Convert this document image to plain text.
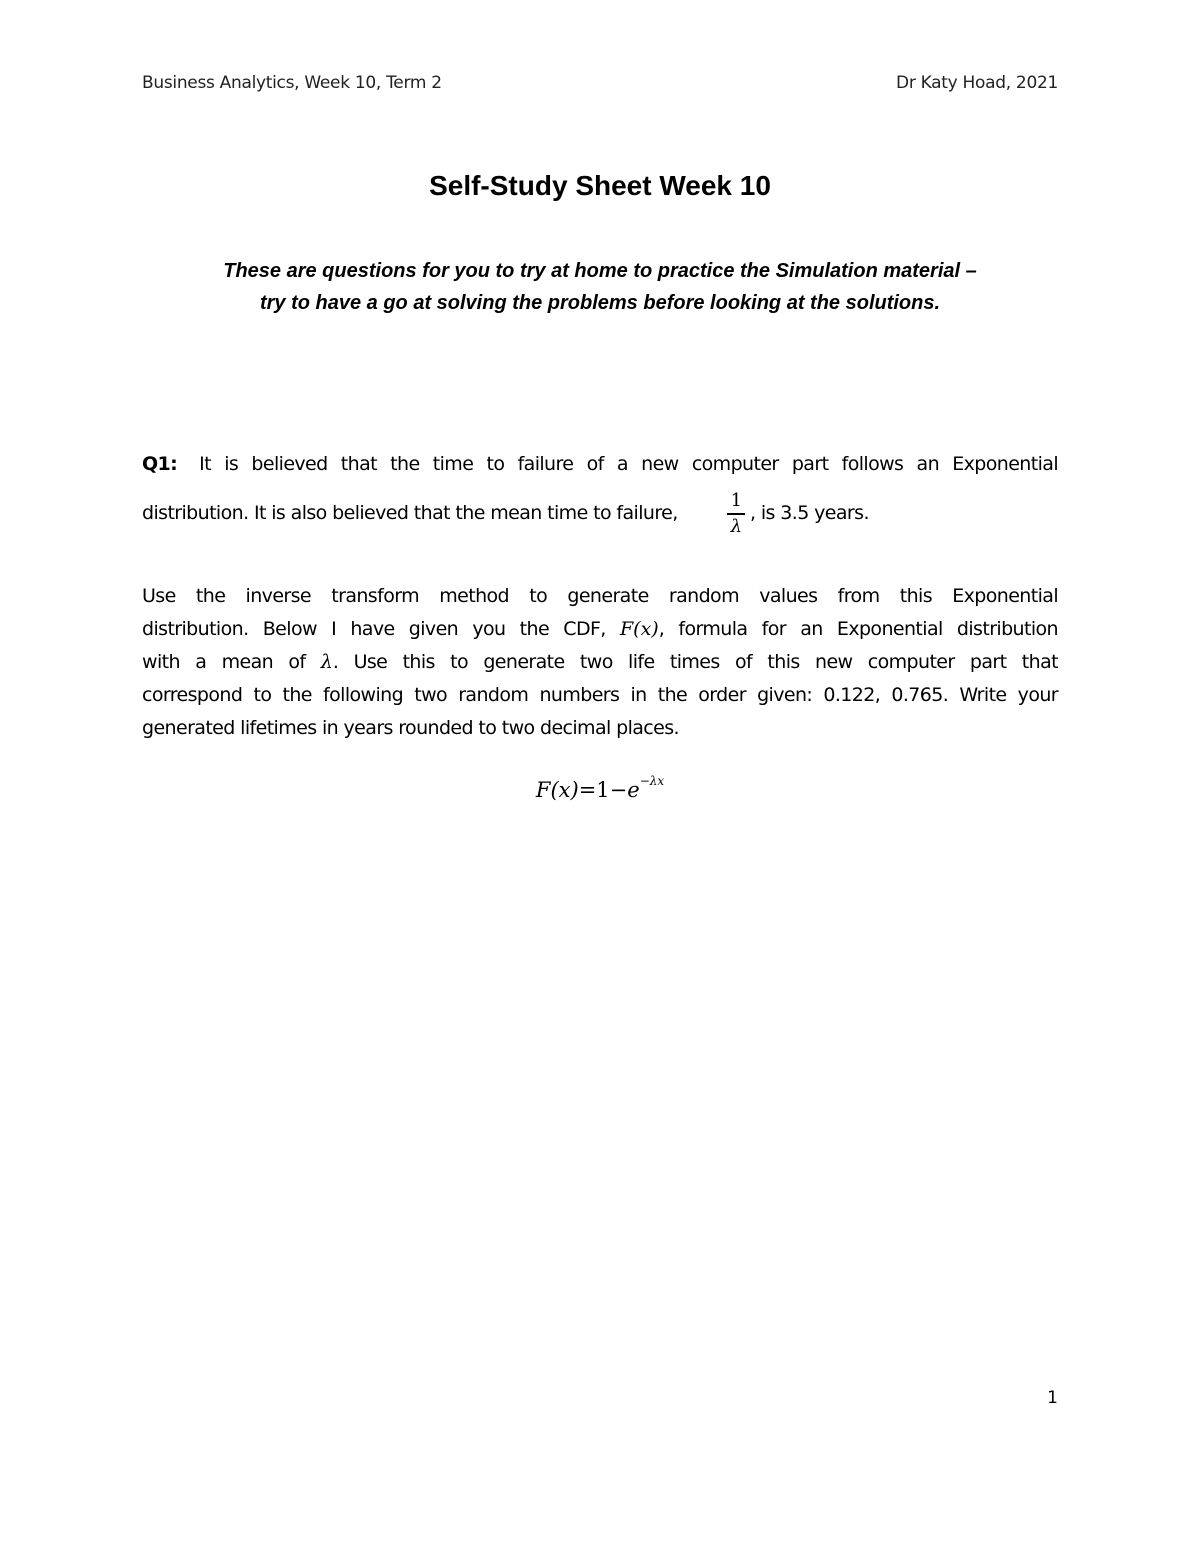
Business Analytics, Week 10, Term 2	Dr Katy Hoad, 2021
Self-Study Sheet Week 10
These are questions for you to try at home to practice the Simulation material –
try to have a go at solving the problems before looking at the solutions.
Q1: It is believed that the time to failure of a new computer part follows an Exponential
distribution. It is also believed that the mean time to failure,
1
λ
, is 3.5 years.
Use the inverse transform method to generate random values from this Exponential
distribution. Below I have given you the CDF, F(x), formula for an Exponential distribution
with a mean of λ. Use this to generate two life times of this new computer part that
correspond to the following two random numbers in the order given: 0.122, 0.765. Write your
generated lifetimes in years rounded to two decimal places.
$F(x)=1-e^{-\lambda x}$
1
